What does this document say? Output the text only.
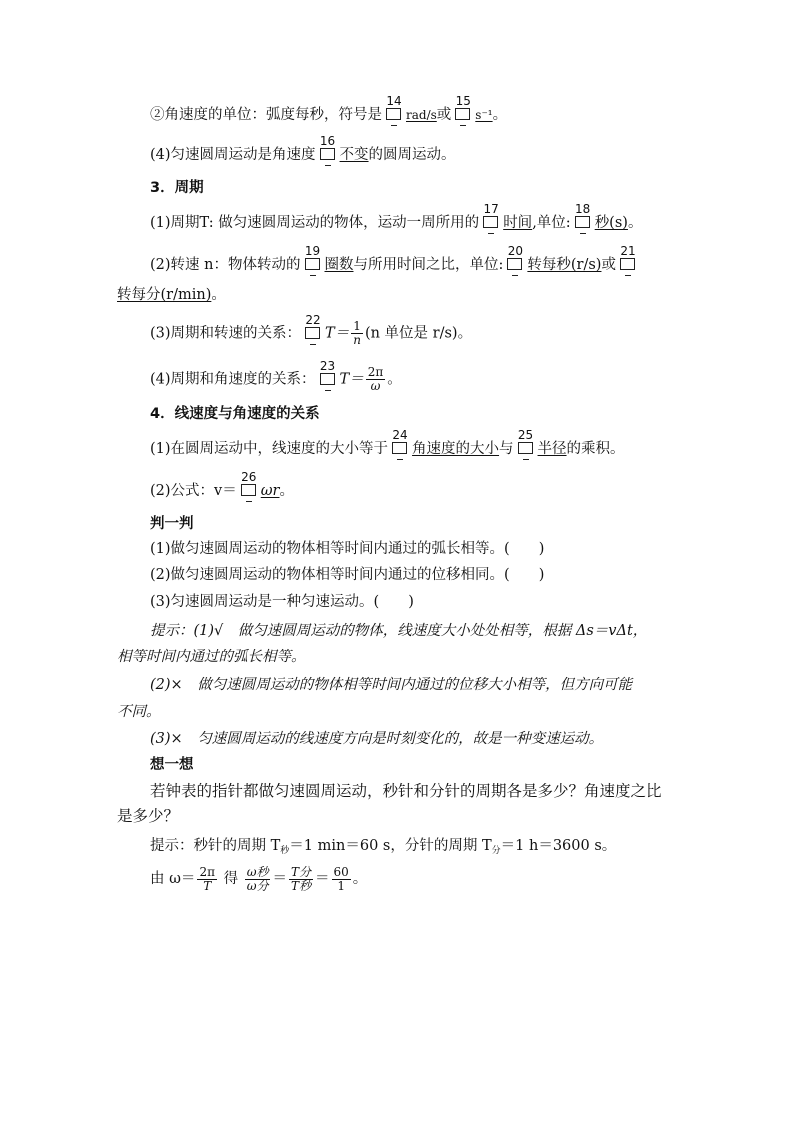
②角速度的单位：弧度每秒，符号是
14
rad/s或
15
s⁻¹。
(4)匀速圆周运动是角速度
16
不变的圆周运动。
3．周期
(1)周期T: 做匀速圆周运动的物体，运动一周所用的
17
时间,单位:
18
秒(s)。
(2)转速 n：物体转动的
19
圈数与所用时间之比，单位:
20
转每秒(r/s)或
21
转每分(r/min)。
(3)周期和转速的关系：
22
$T= \frac{1}{n} (n$ 单位是 r/s)。
(4)周期和角速度的关系：
23
$T= \frac{2\pi}{\omega}$ 。
4．线速度与角速度的关系
(1)在圆周运动中，线速度的大小等于
24
角速度的大小与
25
半径的乘积。
(2)公式：v＝
26
ωr。
判一判
(1)做匀速圆周运动的物体相等时间内通过的弧长相等。(　　)
(2)做匀速圆周运动的物体相等时间内通过的位移相同。(　　)
(3)匀速圆周运动是一种匀速运动。(　　)
提示：(1)√　做匀速圆周运动的物体，线速度大小处处相等，根据 Δs＝vΔt，
相等时间内通过的弧长相等。
(2)×　做匀速圆周运动的物体相等时间内通过的位移大小相等，但方向可能
不同。
(3)×　匀速圆周运动的线速度方向是时刻变化的，故是一种变速运动。
想一想
若钟表的指针都做匀速圆周运动，秒针和分针的周期各是多少？角速度之比
是多少？
提示：秒针的周期 $T_秒=1$ min＝60 s，分针的周期 $T_分=1$ h＝3600 s。
由 $\omega= \frac{2\pi}{T}$ 得 $\frac{\text{ω秒}}{\text{ω分}} = \frac{\text{T分}}{\text{T秒}} = \frac{60}{1}$ 。
